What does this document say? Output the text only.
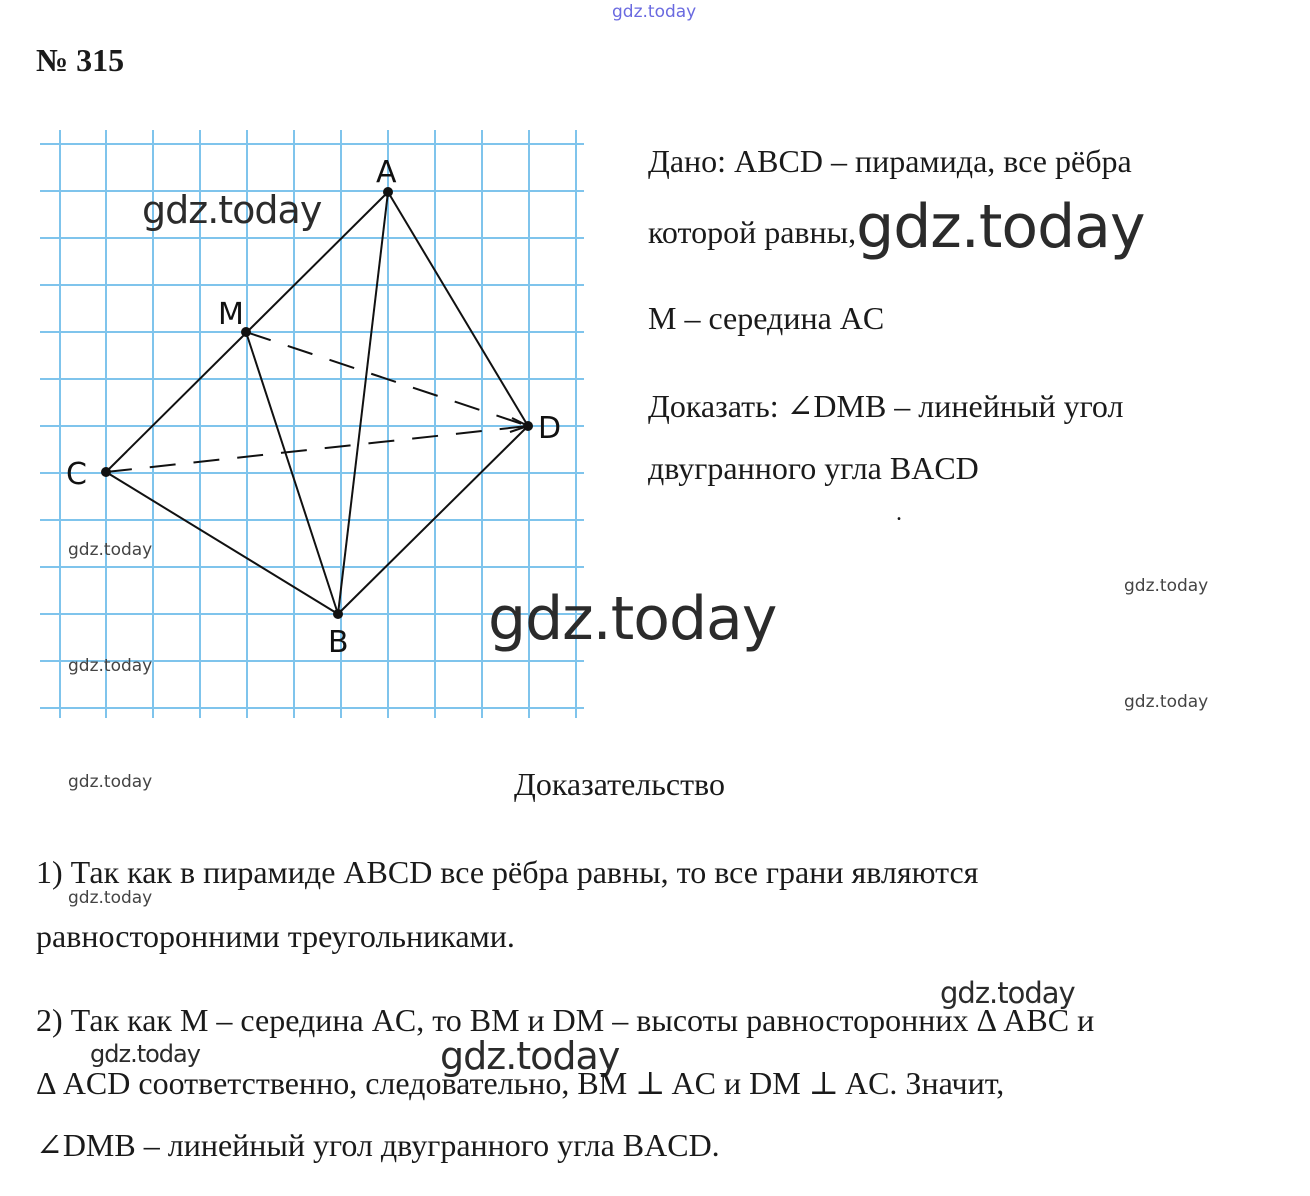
gdz.today
№ 315
A
M
C
D
B
gdz.today
gdz.today
gdz.today
gdz.today
Дано: ABCD – пирамида, все рёбра
которой равны,gdz.today
M – середина AC
Доказать: ∠DMB – линейный угол
двугранного угла BACD
.
gdz.today	gdz.today
gdz.today
Доказательство
1) Так как в пирамиде ABCD все рёбра равны, то все грани являются
gdz.today
равносторонними треугольниками.
gdz.today
2) Так как M – середина AC, то BM и DM – высоты равносторонних Δ ABC и
gdz.today	gdz.today
Δ ACD соответственно, следовательно, BM ⊥ AC и DM ⊥ AC. Значит,
∠DMB – линейный угол двугранного угла BACD.
